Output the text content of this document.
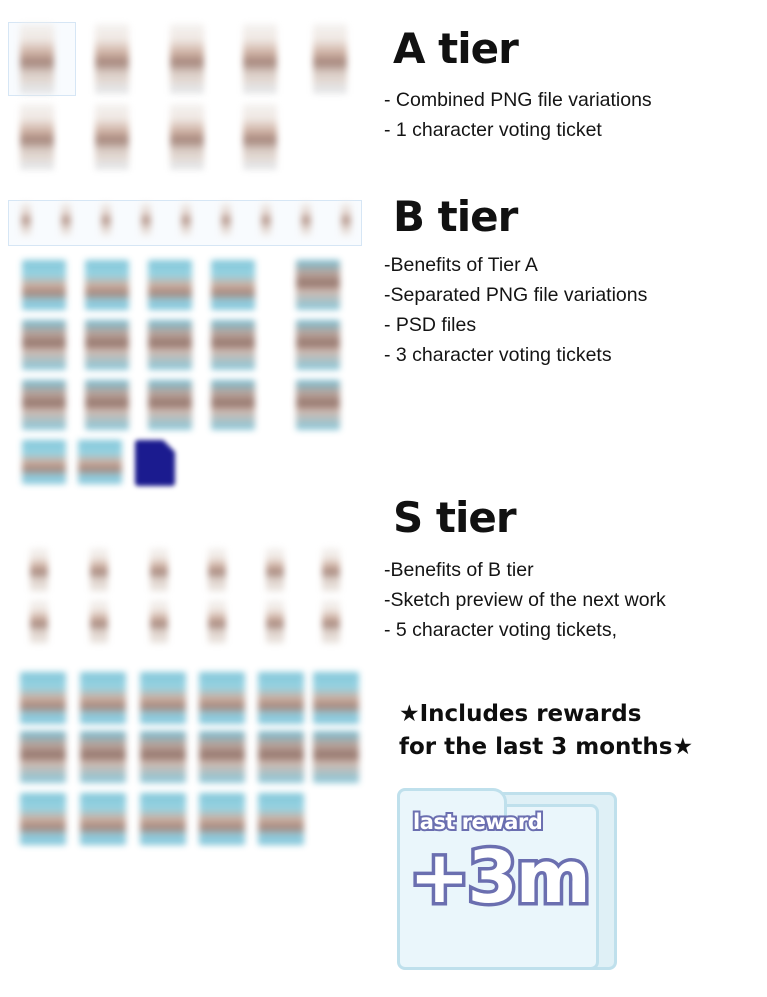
A tier
- Combined PNG file variations
- 1 character voting ticket
B tier
-Benefits of Tier A
-Separated PNG file variations
- PSD files
- 3 character voting tickets
S tier
-Benefits of B tier
-Sketch preview of the next work
- 5 character voting tickets,
★Includes rewards
for the last 3 months★
last reward
+3m
